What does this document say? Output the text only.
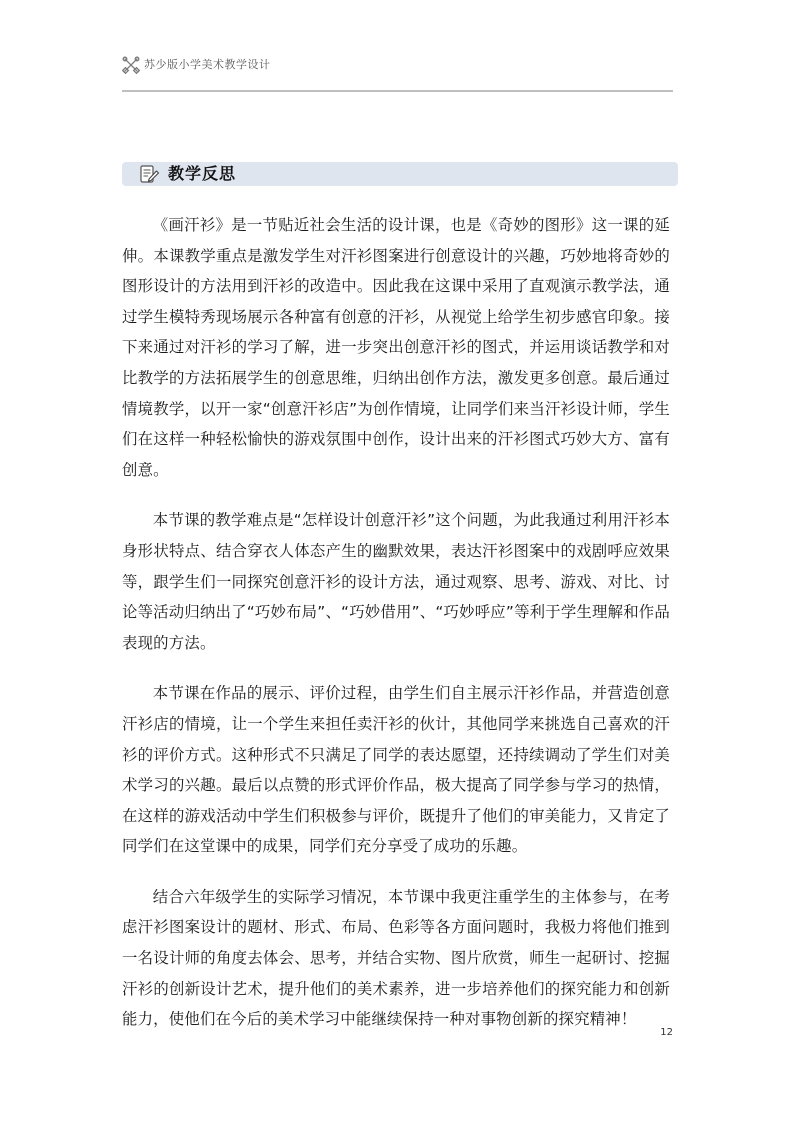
苏少版小学美术教学设计
教学反思

《画汗衫》是一节贴近社会生活的设计课，也是《奇妙的图形》这一课的延伸。本课教学重点是激发学生对汗衫图案进行创意设计的兴趣，巧妙地将奇妙的图形设计的方法用到汗衫的改造中。因此我在这课中采用了直观演示教学法，通过学生模特秀现场展示各种富有创意的汗衫，从视觉上给学生初步感官印象。接下来通过对汗衫的学习了解，进一步突出创意汗衫的图式，并运用谈话教学和对比教学的方法拓展学生的创意思维，归纳出创作方法，激发更多创意。最后通过情境教学，以开一家“创意汗衫店”为创作情境，让同学们来当汗衫设计师，学生们在这样一种轻松愉快的游戏氛围中创作，设计出来的汗衫图式巧妙大方、富有创意。

本节课的教学难点是“怎样设计创意汗衫”这个问题，为此我通过利用汗衫本身形状特点、结合穿衣人体态产生的幽默效果，表达汗衫图案中的戏剧呼应效果等，跟学生们一同探究创意汗衫的设计方法，通过观察、思考、游戏、对比、讨论等活动归纳出了“巧妙布局”、“巧妙借用”、“巧妙呼应”等利于学生理解和作品表现的方法。

本节课在作品的展示、评价过程，由学生们自主展示汗衫作品，并营造创意汗衫店的情境，让一个学生来担任卖汗衫的伙计，其他同学来挑选自己喜欢的汗衫的评价方式。这种形式不只满足了同学的表达愿望，还持续调动了学生们对美术学习的兴趣。最后以点赞的形式评价作品，极大提高了同学参与学习的热情，在这样的游戏活动中学生们积极参与评价，既提升了他们的审美能力，又肯定了同学们在这堂课中的成果，同学们充分享受了成功的乐趣。

结合六年级学生的实际学习情况，本节课中我更注重学生的主体参与，在考虑汗衫图案设计的题材、形式、布局、色彩等各方面问题时，我极力将他们推到一名设计师的角度去体会、思考，并结合实物、图片欣赏，师生一起研讨、挖掘汗衫的创新设计艺术，提升他们的美术素养，进一步培养他们的探究能力和创新能力，使他们在今后的美术学习中能继续保持一种对事物创新的探究精神！

12
